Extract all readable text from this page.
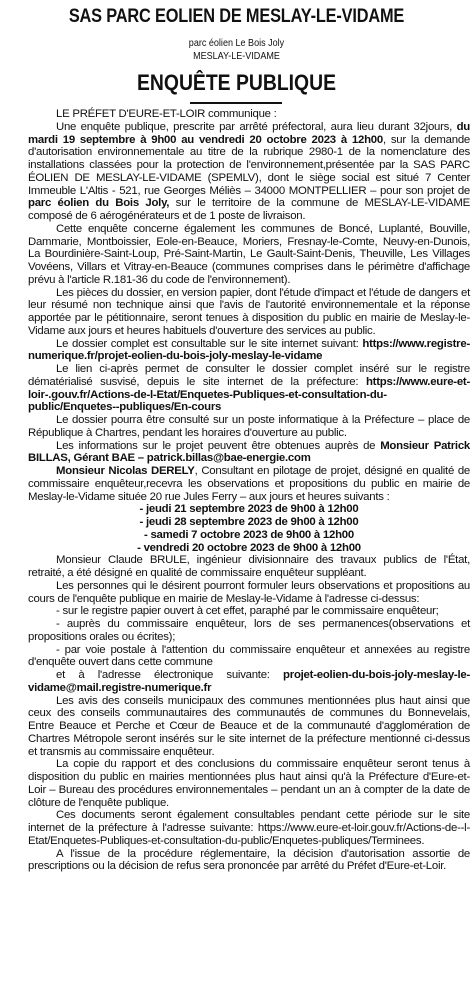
SAS PARC EOLIEN DE MESLAY-LE-VIDAME
parc éolien Le Bois Joly
MESLAY-LE-VIDAME
ENQUÊTE PUBLIQUE

LE PRÉFET D'EURE-ET-LOIR communique :

Une enquête publique, prescrite par arrêté préfectoral, aura lieu durant 32jours, du mardi 19 septembre à 9h00 au vendredi 20 octobre 2023 à 12h00, sur la demande d'autorisation environnementale au titre de la rubrique 2980-1 de la nomenclature des installations classées pour la protection de l'environnement,présentée par la SAS PARC ÉOLIEN DE MESLAY-LE-VIDAME (SPEMLV), dont le siège social est situé 7 Center Immeuble L'Altis - 521, rue Georges Méliès – 34000 MONTPELLIER – pour son projet de parc éolien du Bois Joly, sur le territoire de la commune de MESLAY-LE-VIDAME composé de 6 aérogénérateurs et de 1 poste de livraison.

Cette enquête concerne également les communes de Boncé, Luplanté, Bouville, Dammarie, Montboissier, Eole-en-Beauce, Moriers, Fresnay-le-Comte, Neuvy-en-Dunois, La Bourdinière-Saint-Loup, Pré-Saint-Martin, Le Gault-Saint-Denis, Theuville, Les Villages Vovéens, Villars et Vitray-en-Beauce (communes comprises dans le périmètre d'affichage prévu à l'article R.181-36 du code de l'environnement).

Les pièces du dossier, en version papier, dont l'étude d'impact et l'étude de dangers et leur résumé non technique ainsi que l'avis de l'autorité environnementale et la réponse apportée par le pétitionnaire, seront tenues à disposition du public en mairie de Meslay-le-Vidame aux jours et heures habituels d'ouverture des services au public.

Le dossier complet est consultable sur le site internet suivant: https://www.registre-numerique.fr/projet-eolien-du-bois-joly-meslay-le-vidame

Le lien ci-après permet de consulter le dossier complet inséré sur le registre dématérialisé susvisé, depuis le site internet de la préfecture: https://www.eure-et-loir-.gouv.fr/Actions-de-l-Etat/Enquetes-Publiques-et-consultation-du-public/Enquetes--publiques/En-cours

Le dossier pourra être consulté sur un poste informatique à la Préfecture – place de République à Chartres, pendant les horaires d'ouverture au public.

Les informations sur le projet peuvent être obtenues auprès de Monsieur Patrick BILLAS, Gérant BAE – patrick.billas@bae-energie.com

Monsieur Nicolas DERELY, Consultant en pilotage de projet, désigné en qualité de commissaire enquêteur,recevra les observations et propositions du public en mairie de Meslay-le-Vidame située 20 rue Jules Ferry – aux jours et heures suivants :

- jeudi 21 septembre 2023 de 9h00 à 12h00

- jeudi 28 septembre 2023 de 9h00 à 12h00

- samedi 7 octobre 2023 de 9h00 à 12h00

- vendredi 20 octobre 2023 de 9h00 à 12h00

Monsieur Claude BRULE, ingénieur divisionnaire des travaux publics de l'État, retraité, a été désigné en qualité de commissaire enquêteur suppléant.

Les personnes qui le désirent pourront formuler leurs observations et propositions au cours de l'enquête publique en mairie de Meslay-le-Vidame à l'adresse ci-dessus:

- sur le registre papier ouvert à cet effet, paraphé par le commissaire enquêteur;

- auprès du commissaire enquêteur, lors de ses permanences(observations et propositions orales ou écrites);

- par voie postale à l'attention du commissaire enquêteur et annexées au registre d'enquête ouvert dans cette commune

et à l'adresse électronique suivante: projet-eolien-du-bois-joly-meslay-le-vidame@mail.registre-numerique.fr

Les avis des conseils municipaux des communes mentionnées plus haut ainsi que ceux des conseils communautaires des communautés de communes du Bonnevelais, Entre Beauce et Perche et Cœur de Beauce et de la communauté d'agglomération de Chartres Métropole seront insérés sur le site internet de la préfecture mentionné ci-dessus et transmis au commissaire enquêteur.

La copie du rapport et des conclusions du commissaire enquêteur seront tenus à disposition du public en mairies mentionnées plus haut ainsi qu'à la Préfecture d'Eure-et-Loir – Bureau des procédures environnementales – pendant un an à compter de la date de clôture de l'enquête publique.

Ces documents seront également consultables pendant cette période sur le site internet de la préfecture à l'adresse suivante: https://www.eure-et-loir.gouv.fr/Actions-de--l-Etat/Enquetes-Publiques-et-consultation-du-public/Enquetes-publiques/Terminees.

A l'issue de la procédure réglementaire, la décision d'autorisation assortie de prescriptions ou la décision de refus sera prononcée par arrêté du Préfet d'Eure-et-Loir.
